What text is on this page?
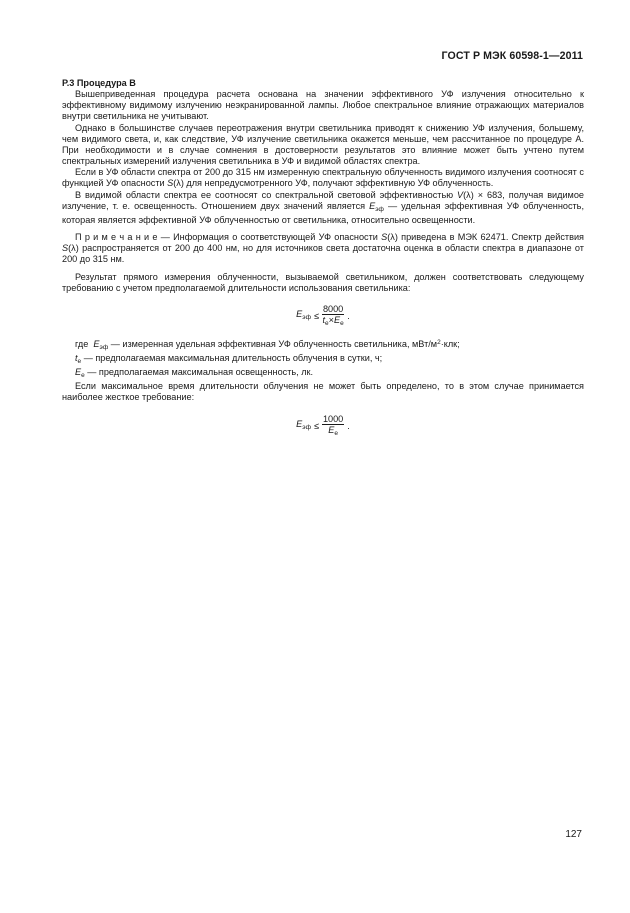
ГОСТ Р МЭК 60598-1—2011

Р.3 Процедура В

Вышеприведенная процедура расчета основана на значении эффективного УФ излучения относительно к эффективному видимому излучению неэкранированной лампы. Любое спектральное влияние отражающих материалов внутри светильника не учитывают.

Однако в большинстве случаев переотражения внутри светильника приводят к снижению УФ излучения, большему, чем видимого света, и, как следствие, УФ излучение светильника окажется меньше, чем рассчитанное по процедуре А. При необходимости и в случае сомнения в достоверности результатов это влияние может быть учтено путем спектральных измерений излучения светильника в УФ и видимой областях спектра.

Если в УФ области спектра от 200 до 315 нм измеренную спектральную облученность видимого излучения соотносят с функцией УФ опасности S(λ) для непредусмотренного УФ, получают эффективную УФ облученность.

В видимой области спектра ее соотносят со спектральной световой эффективностью V(λ) × 683, получая видимое излучение, т. е. освещенность. Отношением двух значений является $E_{эф}$ — удельная эффективная УФ облученность, которая является эффективной УФ облученностью от светильника, относительно освещенности.

П р и м е ч а н и е — Информация о соответствующей УФ опасности S(λ) приведена в МЭК 62471. Спектр действия S(λ) распространяется от 200 до 400 нм, но для источников света достаточна оценка в области спектра в диапазоне от 200 до 315 нм.

Результат прямого измерения облученности, вызываемой светильником, должен соответствовать следующему требованию с учетом предполагаемой длительности использования светильника:

$E_{эф} \le \frac{8000}{t_e\times E_e}$ .

где $E_{эф}$ — измеренная удельная эффективная УФ облученность светильника, мВт/$м^2\cdot клк$;

$t_e$ — предполагаемая максимальная длительность облучения в сутки, ч;

$E_e$ — предполагаемая максимальная освещенность, лк.

Если максимальное время длительности облучения не может быть определено, то в этом случае принимается наиболее жесткое требование:

$E_{эф} \le \frac{1000}{E_e}$ .
127
